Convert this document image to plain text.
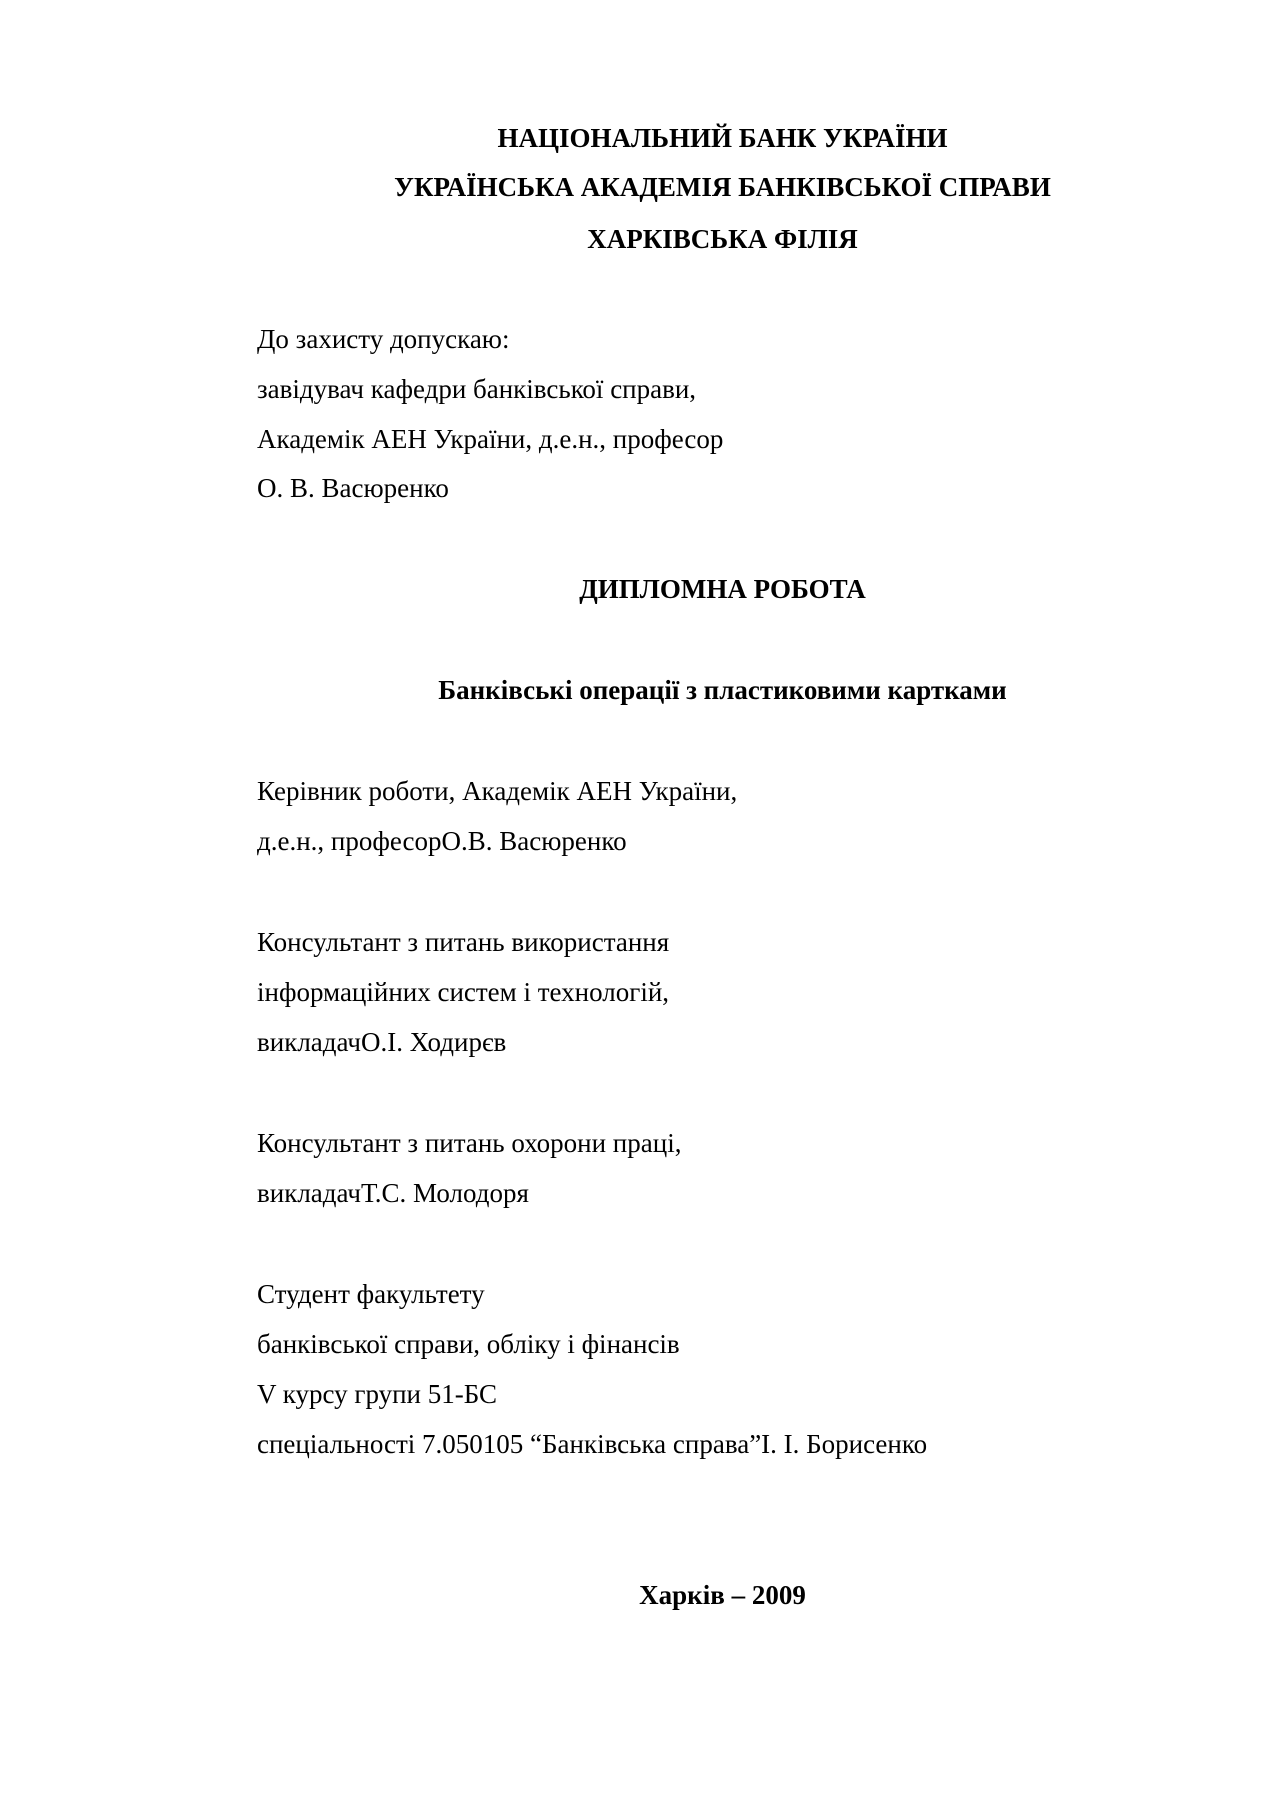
НАЦІОНАЛЬНИЙ БАНК УКРАЇНИ
УКРАЇНСЬКА АКАДЕМІЯ БАНКІВСЬКОЇ СПРАВИ
ХАРКІВСЬКА ФІЛІЯ
До захисту допускаю:
завідувач кафедри банківської справи,
Академік АЕН України, д.е.н., професор
О. В. Васюренко
ДИПЛОМНА РОБОТА
Банківські операції з пластиковими картками
Керівник роботи, Академік АЕН України,
д.е.н., професорО.В. Васюренко
Консультант з питань використання
інформаційних систем і технологій,
викладачО.І. Ходирєв
Консультант з питань охорони праці,
викладачТ.С. Молодоря
Студент факультету
банківської справи, обліку і фінансів
V курсу групи 51-БС
спеціальності 7.050105 “Банківська справа”І. І. Борисенко
Харків – 2009
